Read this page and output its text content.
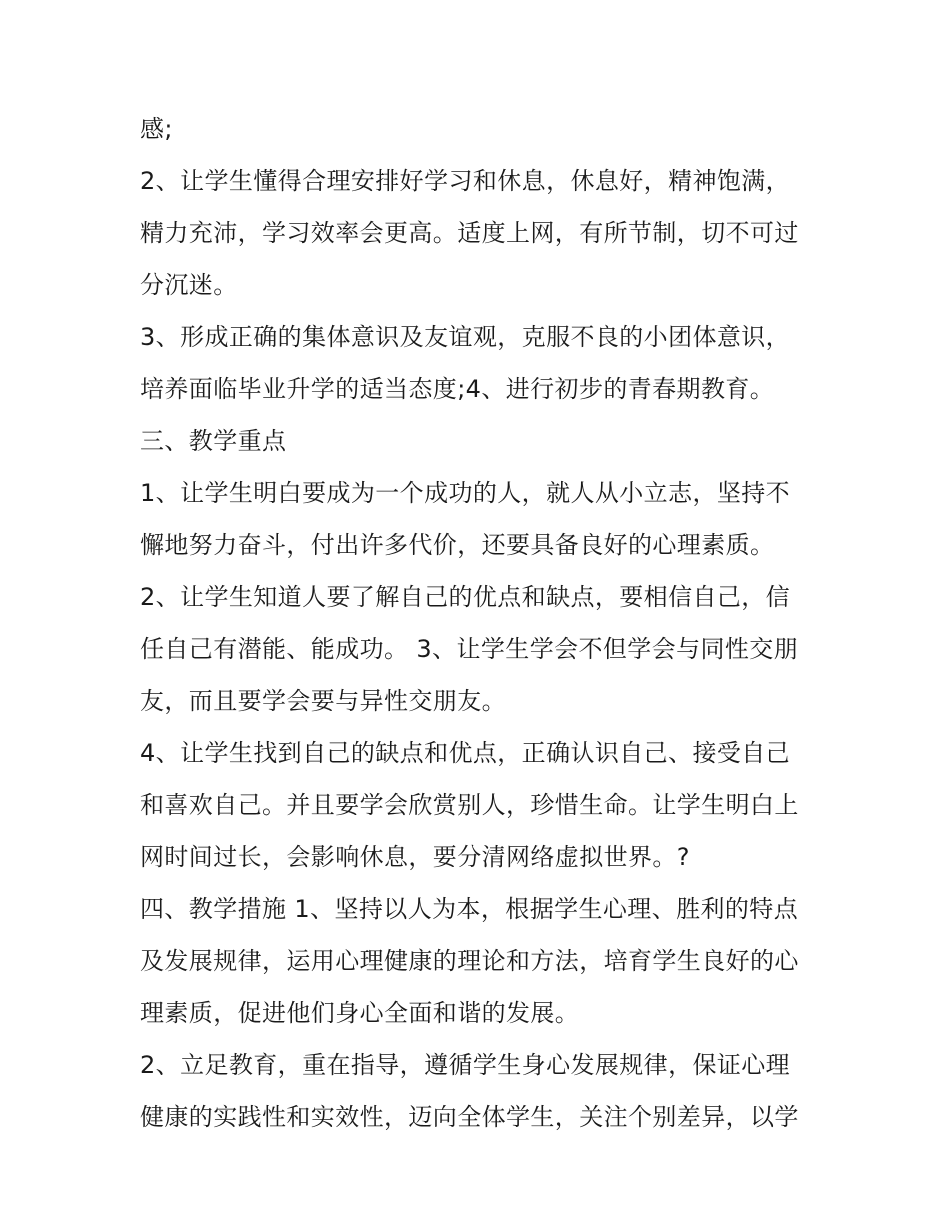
感;
2、让学生懂得合理安排好学习和休息，休息好，精神饱满，
精力充沛，学习效率会更高。适度上网，有所节制，切不可过
分沉迷。
3、形成正确的集体意识及友谊观，克服不良的小团体意识，
培养面临毕业升学的适当态度;4、进行初步的青春期教育。
三、教学重点
1、让学生明白要成为一个成功的人，就人从小立志，坚持不
懈地努力奋斗，付出许多代价，还要具备良好的心理素质。
2、让学生知道人要了解自己的优点和缺点，要相信自己，信
任自己有潜能、能成功。 3、让学生学会不但学会与同性交朋
友，而且要学会要与异性交朋友。
4、让学生找到自己的缺点和优点，正确认识自己、接受自己
和喜欢自己。并且要学会欣赏别人，珍惜生命。让学生明白上
网时间过长，会影响休息，要分清网络虚拟世界。?
四、教学措施 1、坚持以人为本，根据学生心理、胜利的特点
及发展规律，运用心理健康的理论和方法，培育学生良好的心
理素质，促进他们身心全面和谐的发展。
2、立足教育，重在指导，遵循学生身心发展规律，保证心理
健康的实践性和实效性，迈向全体学生，关注个别差异，以学
